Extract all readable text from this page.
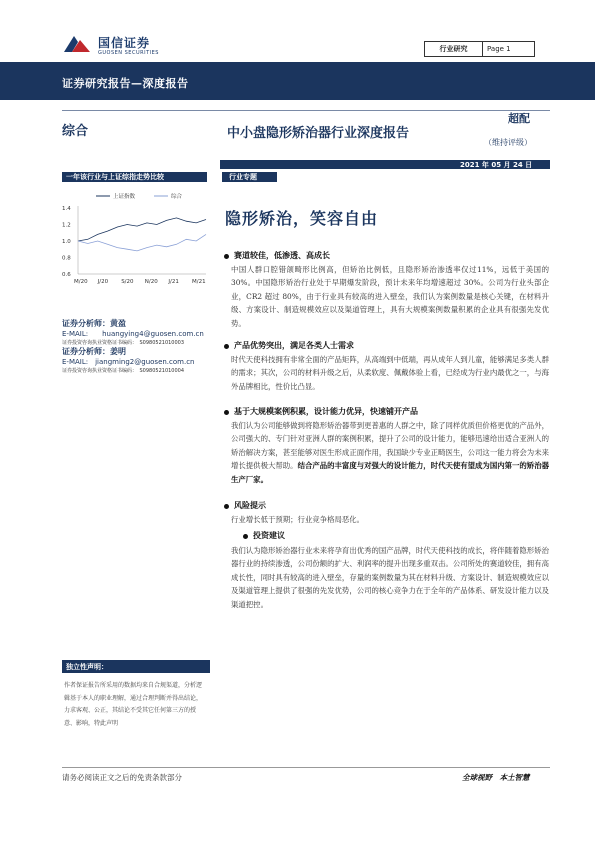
国信证券
GUOSEN SECURITIES	行业研究	Page 1
证券研究报告—深度报告
综合	中小盘隐形矫治器行业深度报告
超配
（维持评级）
2021 年 05 月 24 日
一年该行业与上证综指走势比较
上证指数	综合
1.4
1.2
1.0
0.8
0.6
M/20 J/20 S/20 N/20 J/21 M/21
证券分析师：黄盈
E-MAIL:　　huangying4@guosen.com.cn
证券投资咨询执业资格证书编码：　S0980521010003
证券分析师：姜明
E-MAIL:　jiangming2@guosen.com.cn
证券投资咨询执业资格证书编码：　S0980521010004
独立性声明：
作者保证报告所采用的数据均来自合规渠道，分析逻辑基于本人的职业理解，通过合理判断并得出结论，力求客观、公正，其结论不受其它任何第三方的授意、影响，特此声明
行业专题
隐形矫治，笑容自由
赛道较佳，低渗透、高成长
中国人群口腔错颌畸形比例高，但矫治比例低，且隐形矫治渗透率仅过11%，远低于美国的 30%。中国隐形矫治行业处于早期爆发阶段，预计未来年均增速超过 30%。公司为行业头部企业，CR2 超过 80%，由于行业具有较高的进入壁垒，我们认为案例数量是核心关键，在材料升级、方案设计、制造规模效应以及渠道管理上，具有大规模案例数量积累的企业具有很强先发优势。
产品优势突出，满足各类人士需求
时代天使科技拥有非常全面的产品矩阵，从高端到中低端，再从成年人到儿童，能够满足多类人群的需求；其次，公司的材料升级之后，从柔软度、佩戴体验上看，已经成为行业内最优之一，与海外品牌相比，性价比凸显。
基于大规模案例积累，设计能力优异，快速铺开产品
我们认为公司能够做到将隐形矫治器带到更普惠的人群之中，除了同样优质但价格更优的产品外，公司强大的、专门针对亚洲人群的案例积累，提升了公司的设计能力，能够迅速给出适合亚洲人的矫治解决方案，甚至能够对医生形成正面作用，我国缺少专业正畸医生，公司这一能力将会为未来增长提供极大帮助。结合产品的丰富度与对强大的设计能力，时代天使有望成为国内第一的矫治器生产厂家。
风险提示
行业增长低于预期；行业竞争格局恶化。
投资建议
我们认为隐形矫治器行业未来将孕育出优秀的国产品牌，时代天使科技的成长，将伴随着隐形矫治器行业的持续渗透，公司份额的扩大、利润率的提升出现多重双击。公司所处的赛道较佳，拥有高成长性，同时具有较高的进入壁垒，存量的案例数量为其在材料升级、方案设计、制造规模效应以及渠道管理上提供了很强的先发优势，公司的核心竞争力在于全年的产品体系、研发设计能力以及渠道把控。
请务必阅读正文之后的免责条款部分	全球视野　本土智慧
